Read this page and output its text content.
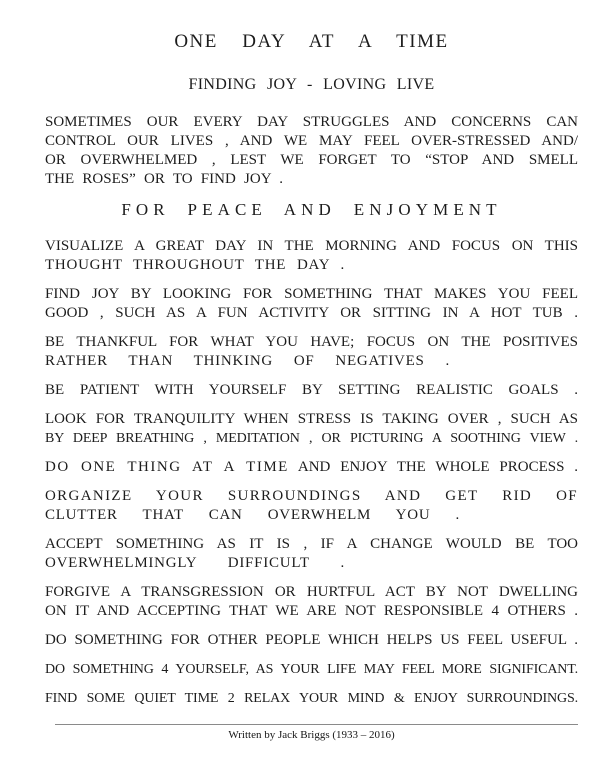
ONE DAY AT A TIME
FINDING JOY - LOVING LIVE
SOMETIMES OUR EVERY DAY STRUGGLES AND CONCERNS CAN
CONTROL OUR LIVES , AND WE MAY FEEL OVER-STRESSED AND/
OR OVERWHELMED , LEST WE FORGET TO “STOP AND SMELL
THE ROSES” OR TO FIND JOY .
FOR PEACE AND ENJOYMENT
VISUALIZE A GREAT DAY IN THE MORNING AND FOCUS ON THIS
THOUGHT THROUGHOUT THE DAY .
FIND JOY BY LOOKING FOR SOMETHING THAT MAKES YOU FEEL
GOOD , SUCH AS A FUN ACTIVITY OR SITTING IN A HOT TUB .
BE THANKFUL FOR WHAT YOU HAVE; FOCUS ON THE POSITIVES
RATHER THAN THINKING OF NEGATIVES .
BE PATIENT WITH YOURSELF BY SETTING REALISTIC GOALS .
LOOK FOR TRANQUILITY WHEN STRESS IS TAKING OVER , SUCH AS
BY DEEP BREATHING , MEDITATION , OR PICTURING A SOOTHING VIEW .
DO ONE THING AT A TIME AND ENJOY THE WHOLE PROCESS .
ORGANIZE YOUR SURROUNDINGS AND GET RID OF
CLUTTER THAT CAN OVERWHELM YOU .
ACCEPT SOMETHING AS IT IS , IF A CHANGE WOULD BE TOO
OVERWHELMINGLY DIFFICULT .
FORGIVE A TRANSGRESSION OR HURTFUL ACT BY NOT DWELLING
ON IT AND ACCEPTING THAT WE ARE NOT RESPONSIBLE 4 OTHERS .
DO SOMETHING FOR OTHER PEOPLE WHICH HELPS US FEEL USEFUL .
DO SOMETHING 4 YOURSELF, AS YOUR LIFE MAY FEEL MORE SIGNIFICANT.
FIND SOME QUIET TIME 2 RELAX YOUR MIND & ENJOY SURROUNDINGS.
Written by Jack Briggs (1933 – 2016)
